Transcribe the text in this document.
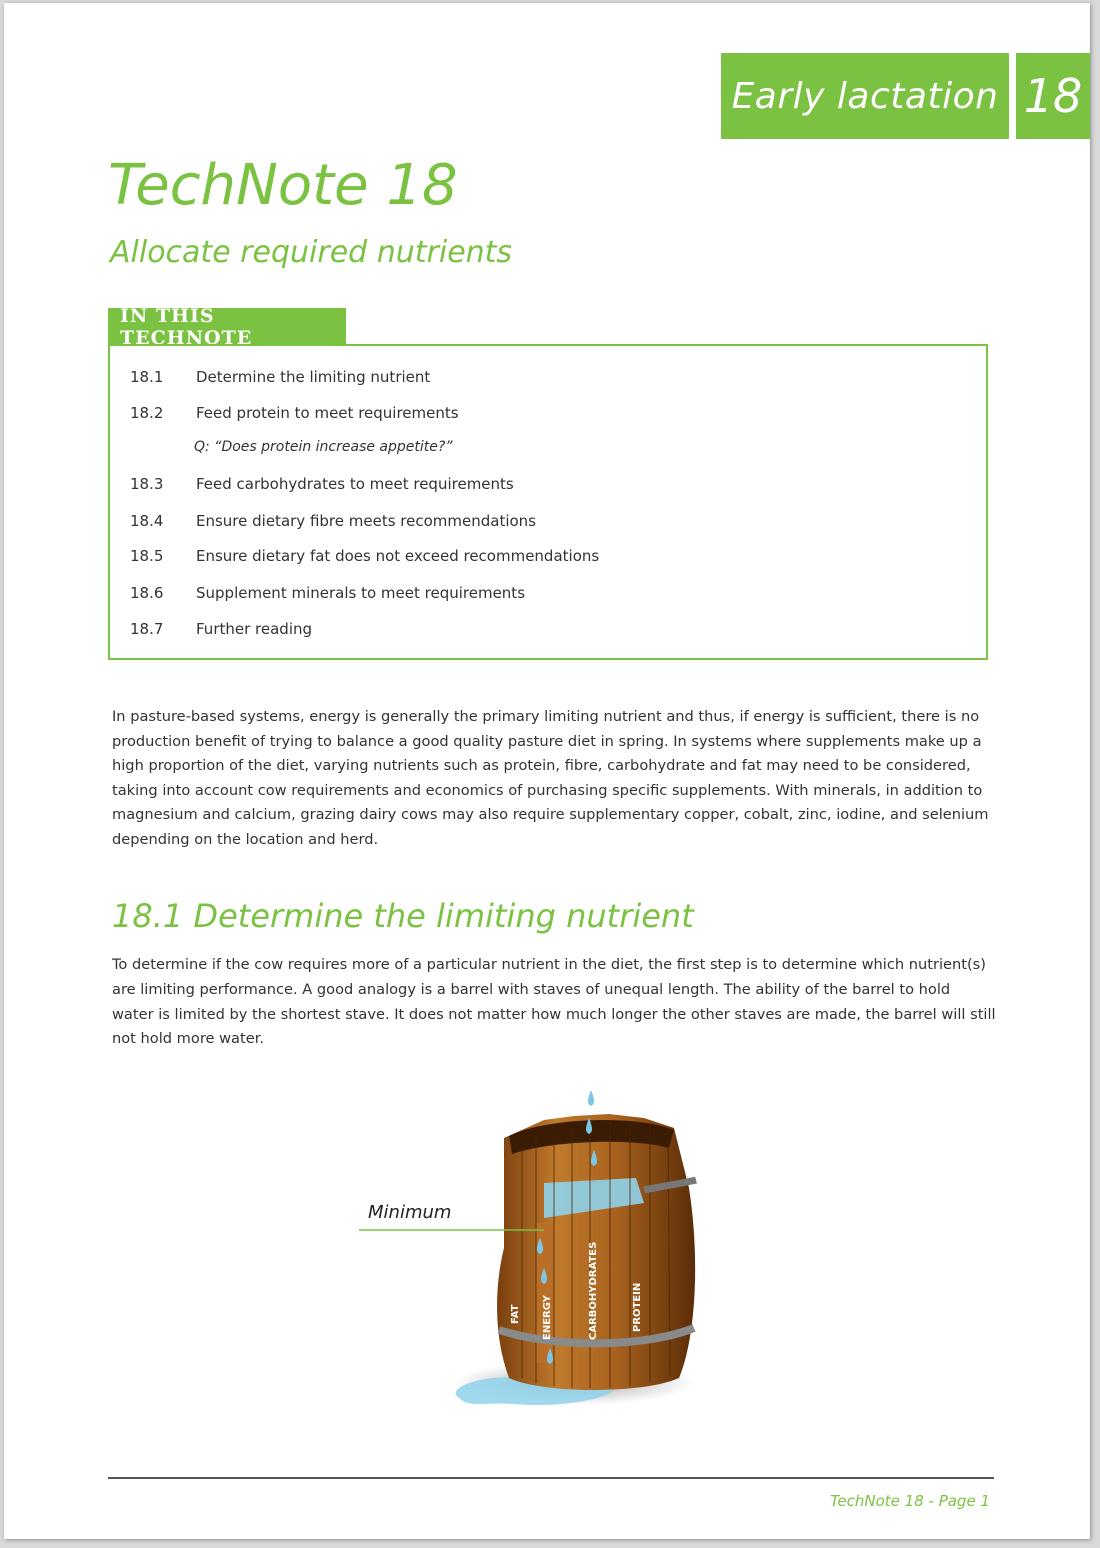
Early lactation 18
TechNote 18
Allocate required nutrients
IN THIS TECHNOTE
18.1	Determine the limiting nutrient
18.2	Feed protein to meet requirements
Q: “Does protein increase appetite?”
18.3	Feed carbohydrates to meet requirements
18.4	Ensure dietary fibre meets recommendations
18.5	Ensure dietary fat does not exceed recommendations
18.6	Supplement minerals to meet requirements
18.7	Further reading

In pasture-based systems, energy is generally the primary limiting nutrient and thus, if energy is sufficient, there is no production benefit of trying to balance a good quality pasture diet in spring. In systems where supplements make up a high proportion of the diet, varying nutrients such as protein, fibre, carbohydrate and fat may need to be considered, taking into account cow requirements and economics of purchasing specific supplements. With minerals, in addition to magnesium and calcium, grazing dairy cows may also require supplementary copper, cobalt, zinc, iodine, and selenium depending on the location and herd.

18.1 Determine the limiting nutrient

To determine if the cow requires more of a particular nutrient in the diet, the first step is to determine which nutrient(s) are limiting performance. A good analogy is a barrel with staves of unequal length. The ability of the barrel to hold water is limited by the shortest stave. It does not matter how much longer the other staves are made, the barrel will still not hold more water.

Minimum
FAT ENERGY	CARBOHYDRATES	PROTEIN
TechNote 18 - Page 1
